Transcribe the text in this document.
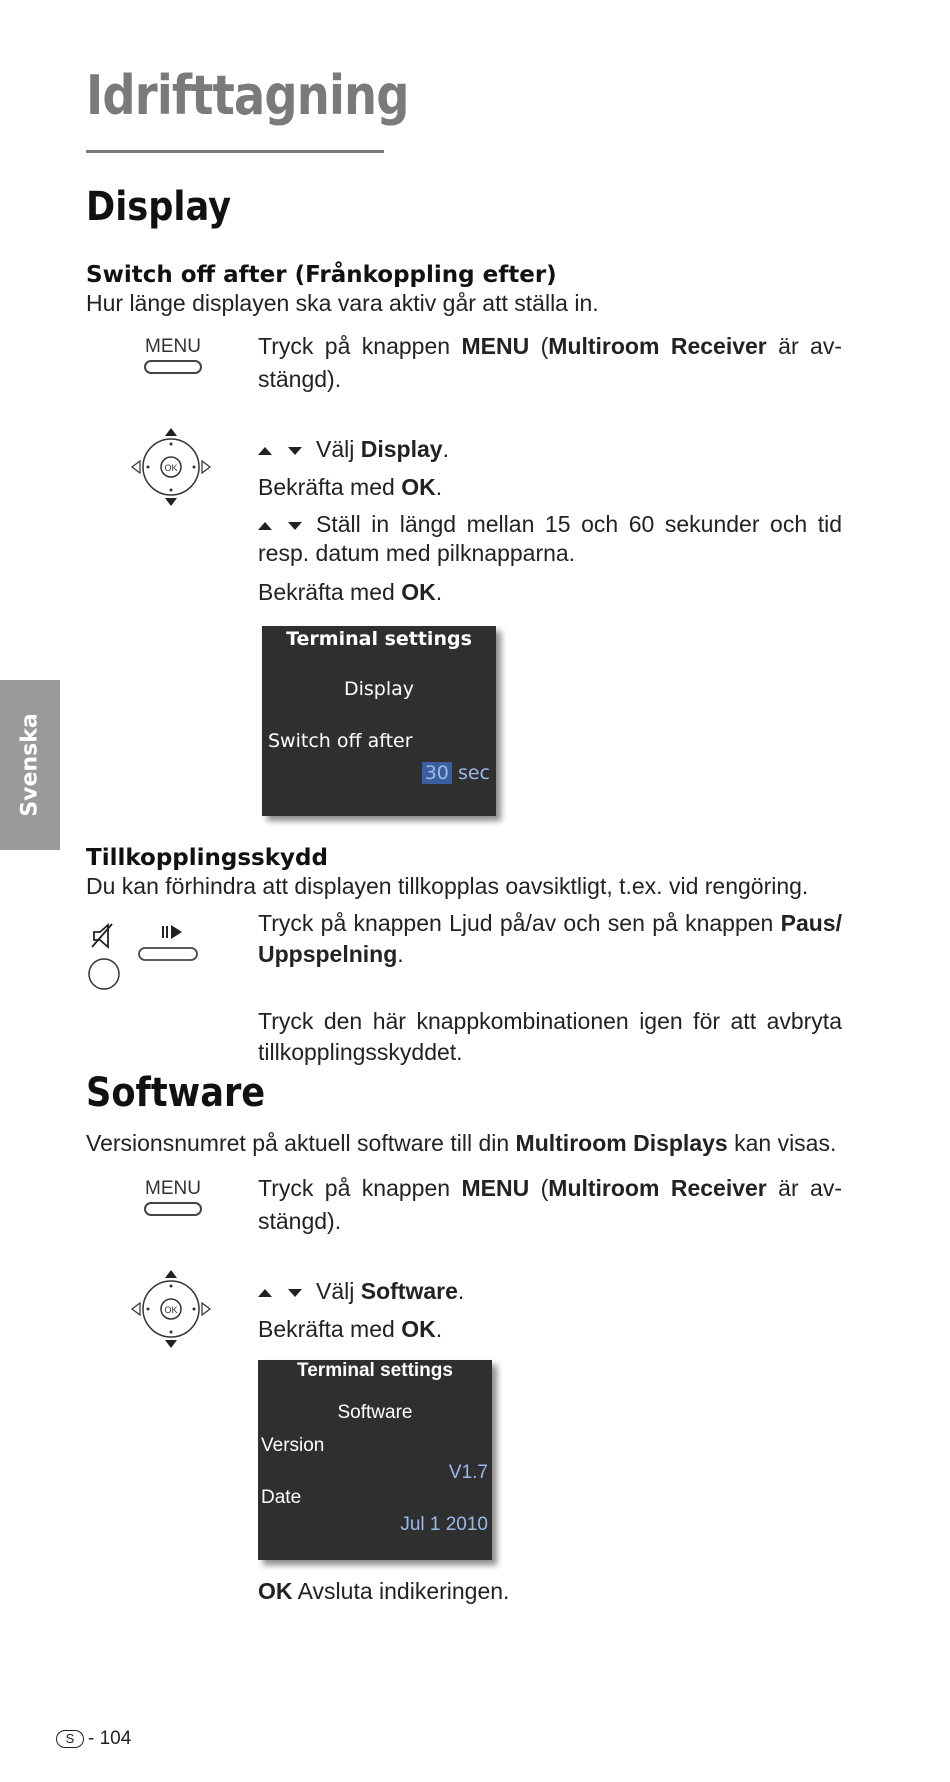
Idrifttagning
Display
Switch off after (Frånkoppling efter)
Hur länge displayen ska vara aktiv går att ställa in.
MENU Tryck på knappen MENU (Multiroom Receiver är av-stängd).
OK
Välj Display.
Bekräfta med OK.
Ställ in längd mellan 15 och 60 sekunder och tid resp. datum med pilknapparna.
Bekräfta med OK.
Terminal settings
Display
Switch off after
30 sec
Svenska
Tillkopplingsskydd
Du kan förhindra att displayen tillkopplas oavsiktligt, t.ex. vid rengöring.
Tryck på knappen Ljud på/av och sen på knappen Paus/ Uppspelning.
Tryck den här knappkombinationen igen för att avbryta tillkopplingsskyddet.
Software
Versionsnumret på aktuell software till din Multiroom Displays kan visas.
MENU Tryck på knappen MENU (Multiroom Receiver är av-stängd).
OK
Välj Software.
Bekräfta med OK.
Terminal settings
Software
Version
V1.7
Date
Jul 1 2010
OK Avsluta indikeringen.
S - 104
